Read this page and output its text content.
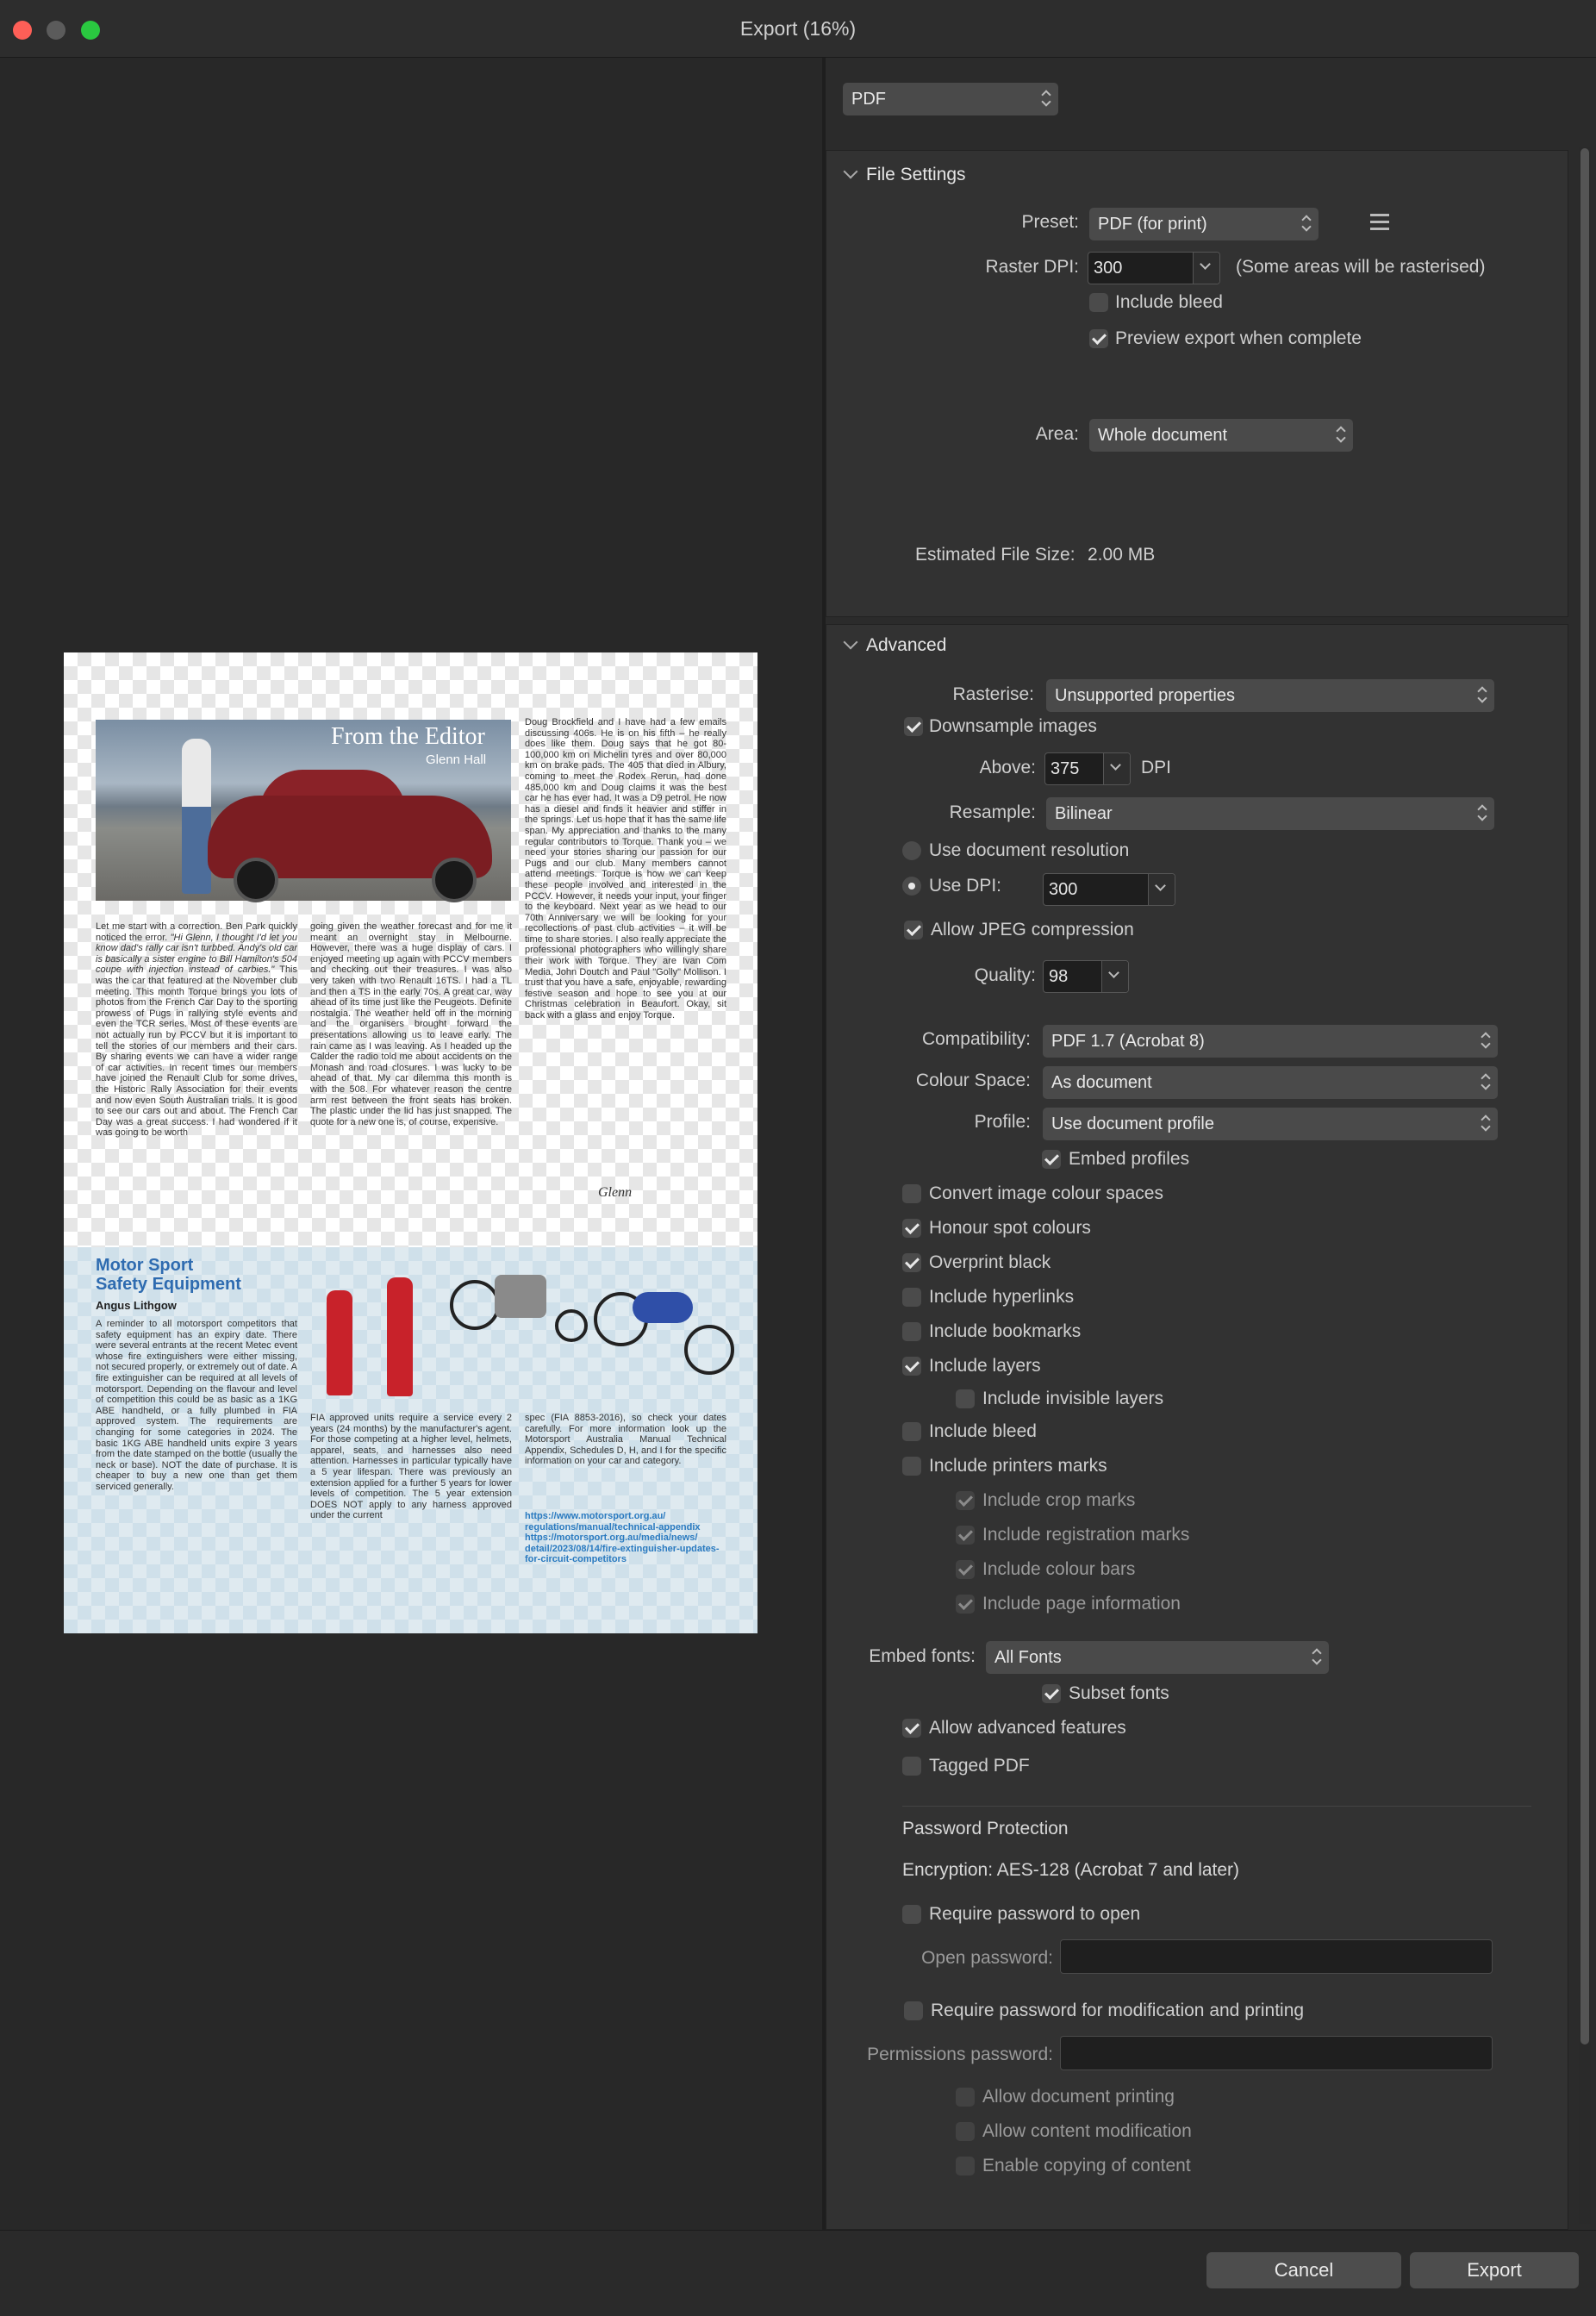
Export (16%)
From the Editor
Glenn Hall
Let me start with a correction. Ben Park quickly noticed the error. "Hi Glenn, I thought I'd let you know dad's rally car isn't turbbed. Andy's old car is basically a sister engine to Bill Hamilton's 504 coupe with injection instead of carbies." This was the car that featured at the November club meeting. This month Torque brings you lots of photos from the French Car Day to the sporting prowess of Pugs in rallying style events and even the TCR series. Most of these events are not actually run by PCCV but it is important to tell the stories of our members and their cars. By sharing events we can have a wider range of car activities. In recent times our members have joined the Renault Club for some drives, the Historic Rally Association for their events and now even South Australian trials. It is good to see our cars out and about. The French Car Day was a great success. I had wondered if it was going to be worth
going given the weather forecast and for me it meant an overnight stay in Melbourne. However, there was a huge display of cars. I enjoyed meeting up again with PCCV members and checking out their treasures. I was also very taken with two Renault 16TS. I had a TL and then a TS in the early 70s. A great car, way ahead of its time just like the Peugeots. Definite nostalgia. The weather held off in the morning and the organisers brought forward the presentations allowing us to leave early. The rain came as I was leaving. As I headed up the Calder the radio told me about accidents on the Monash and road closures. I was lucky to be ahead of that. My car dilemma this month is with the 508. For whatever reason the centre arm rest between the front seats has broken. The plastic under the lid has just snapped. The quote for a new one is, of course, expensive.
Doug Brockfield and I have had a few emails discussing 406s. He is on his fifth – he really does like them. Doug says that he got 80-100,000 km on Michelin tyres and over 80,000 km on brake pads. The 405 that died in Albury, coming to meet the Rodex Rerun, had done 485,000 km and Doug claims it was the best car he has ever had. It was a D9 petrol. He now has a diesel and finds it heavier and stiffer in the springs. Let us hope that it has the same life span. My appreciation and thanks to the many regular contributors to Torque. Thank you – we need your stories sharing our passion for our Pugs and our club. Many members cannot attend meetings. Torque is how we can keep these people involved and interested in the PCCV. However, it needs your input, your finger to the keyboard. Next year as we head to our 70th Anniversary we will be looking for your recollections of past club activities – it will be time to share stories. I also really appreciate the professional photographers who willingly share their work with Torque. They are Ivan Com Media, John Doutch and Paul "Golly" Mollison. I trust that you have a safe, enjoyable, rewarding festive season and hope to see you at our Christmas celebration in Beaufort. Okay, sit back with a glass and enjoy Torque.
Glenn
Motor Sport
Safety Equipment
Angus Lithgow
A reminder to all motorsport competitors that safety equipment has an expiry date. There were several entrants at the recent Metec event whose fire extinguishers were either missing, not secured properly, or extremely out of date. A fire extinguisher can be required at all levels of motorsport. Depending on the flavour and level of competition this could be as basic as a 1KG ABE handheld, or a fully plumbed in FIA approved system. The requirements are changing for some categories in 2024. The basic 1KG ABE handheld units expire 3 years from the date stamped on the bottle (usually the neck or base). NOT the date of purchase. It is cheaper to buy a new one than get them serviced generally.
FIA approved units require a service every 2 years (24 months) by the manufacturer's agent. For those competing at a higher level, helmets, apparel, seats, and harnesses also need attention. Harnesses in particular typically have a 5 year lifespan. There was previously an extension applied for a further 5 years for lower levels of competition. The 5 year extension DOES NOT apply to any harness approved under the current
spec (FIA 8853-2016), so check your dates carefully. For more information look up the Motorsport Australia Manual Technical Appendix, Schedules D, H, and I for the specific information on your car and category.
https://www.motorsport.org.au/ regulations/manual/technical-appendix
https://motorsport.org.au/media/news/ detail/2023/08/14/fire-extinguisher-updates-for-circuit-competitors
PDF
File Settings
Preset:	PDF (for print)
Raster DPI: 300	(Some areas will be rasterised)
Include bleed
Preview export when complete
Area:	Whole document
Estimated File Size: 2.00 MB
Advanced
Rasterise:	Unsupported properties
Downsample images
Above: 375	DPI
Resample:	Bilinear
Use document resolution
Use DPI:	300
Allow JPEG compression
Quality: 98
Compatibility:	PDF 1.7 (Acrobat 8)
Colour Space:	As document
Profile:	Use document profile
Embed profiles
Convert image colour spaces
Honour spot colours
Overprint black
Include hyperlinks
Include bookmarks
Include layers
Include invisible layers
Include bleed
Include printers marks
Include crop marks
Include registration marks
Include colour bars
Include page information
Embed fonts:	All Fonts
Subset fonts
Allow advanced features
Tagged PDF
Password Protection
Encryption: AES-128 (Acrobat 7 and later)
Require password to open
Open password:
Require password for modification and printing
Permissions password:
Allow document printing
Allow content modification
Enable copying of content
Cancel	Export
